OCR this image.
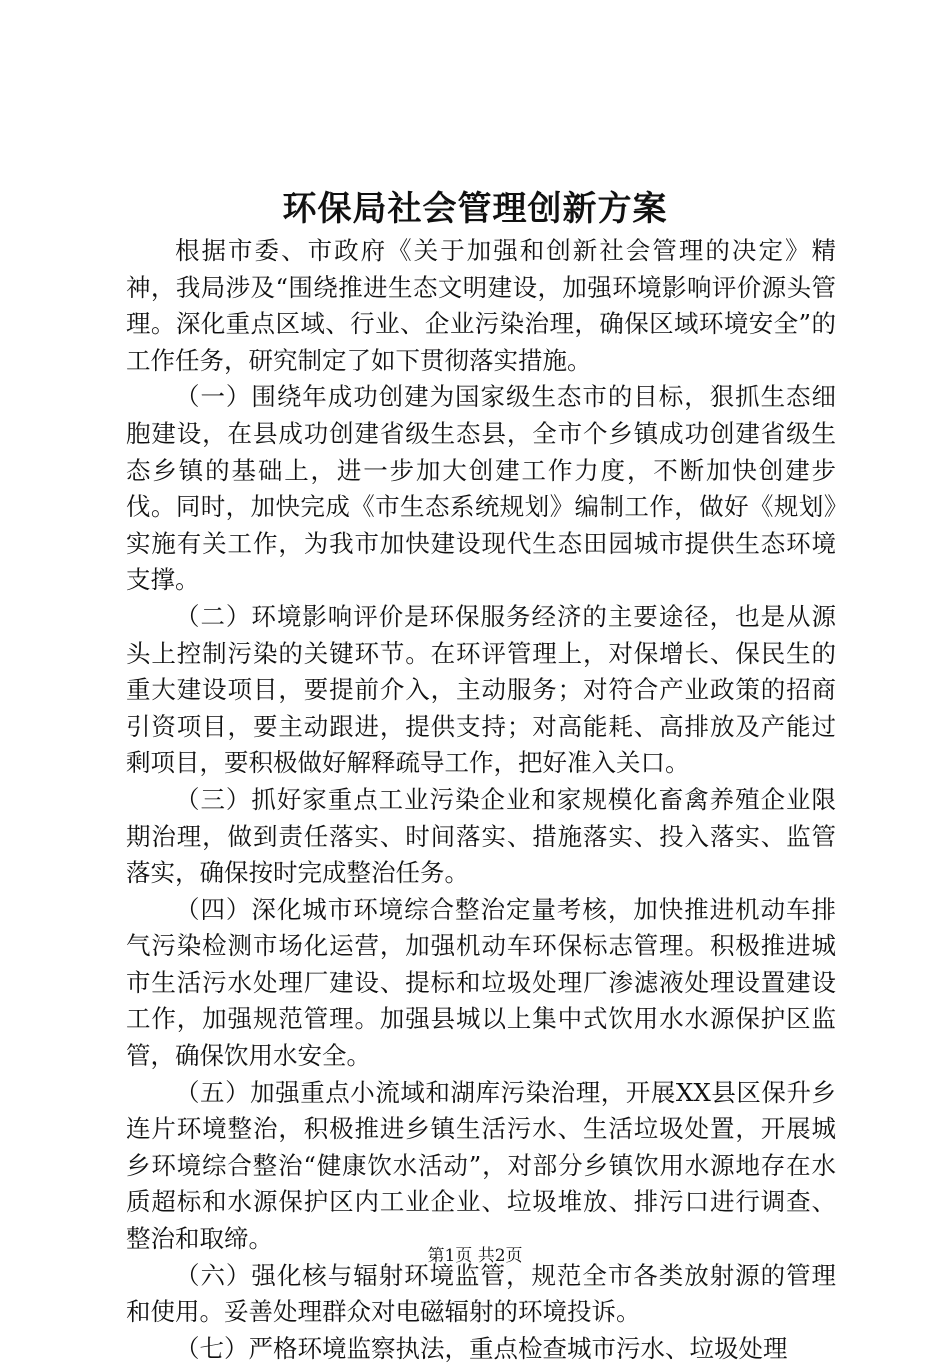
环保局社会管理创新方案

根据市委、市政府《关于加强和创新社会管理的决定》精神，我局涉及“围绕推进生态文明建设，加强环境影响评价源头管理。深化重点区域、行业、企业污染治理，确保区域环境安全”的工作任务，研究制定了如下贯彻落实措施。

（一）围绕年成功创建为国家级生态市的目标，狠抓生态细胞建设，在县成功创建省级生态县，全市个乡镇成功创建省级生态乡镇的基础上，进一步加大创建工作力度，不断加快创建步伐。同时，加快完成《市生态系统规划》编制工作，做好《规划》实施有关工作，为我市加快建设现代生态田园城市提供生态环境支撑。

（二）环境影响评价是环保服务经济的主要途径，也是从源头上控制污染的关键环节。在环评管理上，对保增长、保民生的重大建设项目，要提前介入，主动服务；对符合产业政策的招商引资项目，要主动跟进，提供支持；对高能耗、高排放及产能过剩项目，要积极做好解释疏导工作，把好准入关口。

（三）抓好家重点工业污染企业和家规模化畜禽养殖企业限期治理，做到责任落实、时间落实、措施落实、投入落实、监管落实，确保按时完成整治任务。

（四）深化城市环境综合整治定量考核，加快推进机动车排气污染检测市场化运营，加强机动车环保标志管理。积极推进城市生活污水处理厂建设、提标和垃圾处理厂渗滤液处理设置建设工作，加强规范管理。加强县城以上集中式饮用水水源保护区监管，确保饮用水安全。

（五）加强重点小流域和湖库污染治理，开展XX县区保升乡连片环境整治，积极推进乡镇生活污水、生活垃圾处置，开展城乡环境综合整治“健康饮水活动”，对部分乡镇饮用水源地存在水质超标和水源保护区内工业企业、垃圾堆放、排污口进行调查、整治和取缔。

（六）强化核与辐射环境监管，规范全市各类放射源的管理和使用。妥善处理群众对电磁辐射的环境投诉。

（七）严格环境监察执法，重点检查城市污水、垃圾处理

第1页 共2页
